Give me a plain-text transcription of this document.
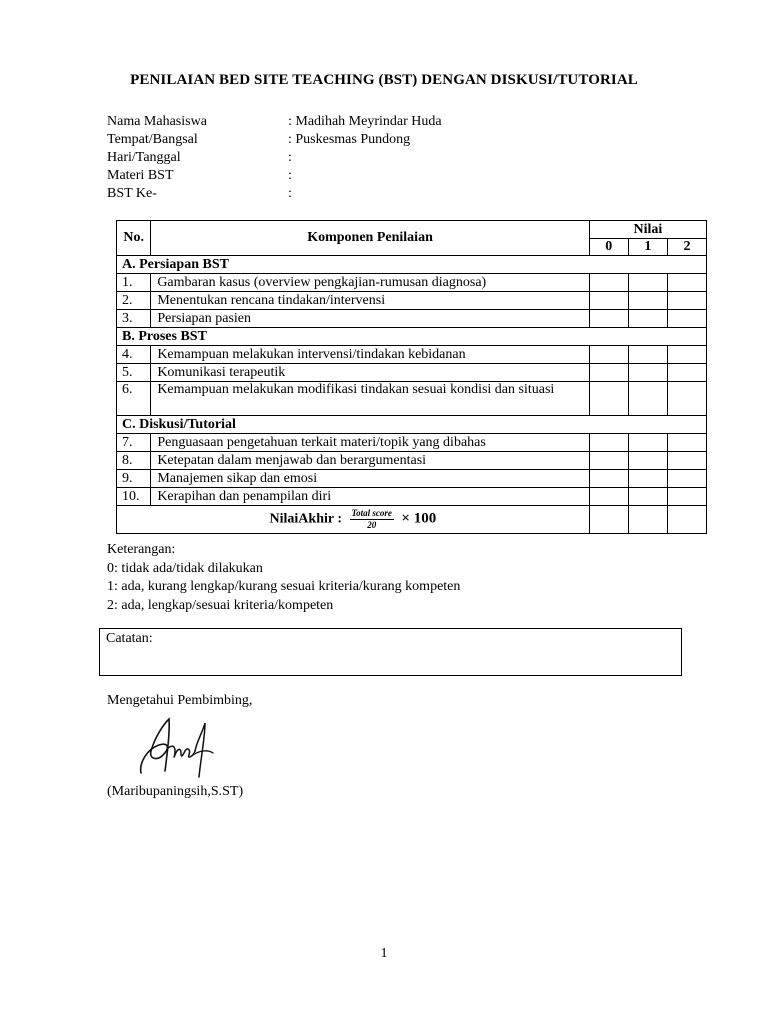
PENILAIAN BED SITE TEACHING (BST) DENGAN DISKUSI/TUTORIAL
Nama Mahasiswa	: Madihah Meyrindar Huda
Tempat/Bangsal	: Puskesmas Pundong
Hari/Tanggal	:
Materi BST	:
BST Ke-	:
No.	Komponen Penilaian	Nilai		
		0	1	2
A. Persiapan BST				
1.	Gambaran kasus (overview pengkajian-rumusan diagnosa)			
2.	Menentukan rencana tindakan/intervensi			
3.	Persiapan pasien			
B. Proses BST				
4.	Kemampuan melakukan intervensi/tindakan kebidanan			
5.	Komunikasi terapeutik			
6.	Kemampuan melakukan modifikasi tindakan sesuai kondisi dan situasi			
C. Diskusi/Tutorial				
7.	Penguasaan pengetahuan terkait materi/topik yang dibahas			
8.	Ketepatan dalam menjawab dan berargumentasi			
9.	Manajemen sikap dan emosi			
10.	Kerapihan dan penampilan diri			
NilaiAkhir : $\frac{\text{Total score}}{20} \times 100$				
Keterangan:
0: tidak ada/tidak dilakukan
1: ada, kurang lengkap/kurang sesuai kriteria/kurang kompeten
2: ada, lengkap/sesuai kriteria/kompeten
Catatan:
Mengetahui Pembimbing,
(Maribupaningsih,S.ST)
1
